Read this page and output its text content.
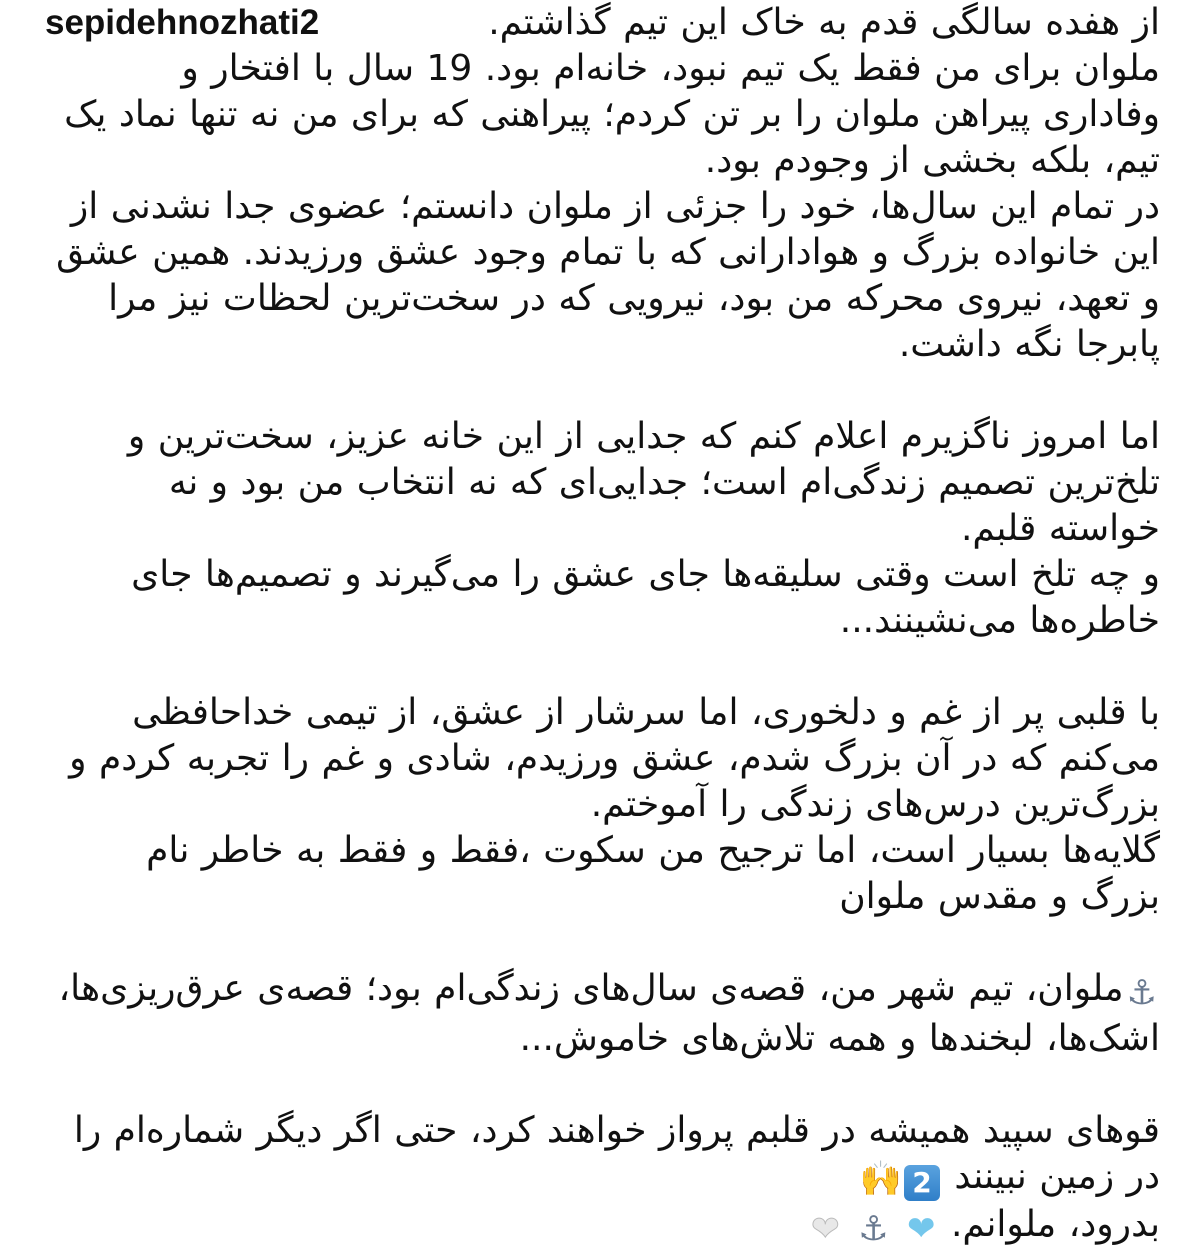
sepidehnozhati2	از هفده سالگی قدم به خاک این تیم گذاشتم.
ملوان برای من فقط یک تیم نبود، خانه‌ام بود. 19 سال با افتخار و وفاداری پیراهن ملوان را بر تن کردم؛ پیراهنی که برای من نه تنها نماد یک تیم، بلکه بخشی از وجودم بود.
در تمام این سال‌ها، خود را جزئی از ملوان دانستم؛ عضوی جدا نشدنی از این خانواده بزرگ و هوادارانی که با تمام وجود عشق ورزیدند. همین عشق و تعهد، نیروی محرکه من بود، نیرویی که در سخت‌ترین لحظات نیز مرا پابرجا نگه داشت.
اما امروز ناگزیرم اعلام کنم که جدایی از این خانه عزیز، سخت‌ترین و تلخ‌ترین تصمیم زندگی‌ام است؛ جدایی‌ای که نه انتخاب من بود و نه خواسته قلبم.
و چه تلخ است وقتی سلیقه‌ها جای عشق را می‌گیرند و تصمیم‌ها جای خاطره‌ها می‌نشینند...
با قلبی پر از غم و دلخوری، اما سرشار از عشق، از تیمی خداحافظی می‌کنم که در آن بزرگ شدم، عشق ورزیدم، شادی و غم را تجربه کردم و بزرگ‌ترین درس‌های زندگی را آموختم.
گلایه‌ها بسیار است، اما ترجیح من سکوت ،فقط و فقط به خاطر نام بزرگ و مقدس ملوان
⚓ملوان، تیم شهر من، قصه‌ی سال‌های زندگی‌ام بود؛ قصه‌ی عرق‌ریزی‌ها، اشک‌ها، لبخندها و همه تلاش‌های خاموش...
قوهای سپید همیشه در قلبم پرواز خواهند کرد، حتی اگر دیگر شماره‌ام را در زمین نبینند 2🙌
بدرود، ملوانم. ❤ ⚓ ❤
